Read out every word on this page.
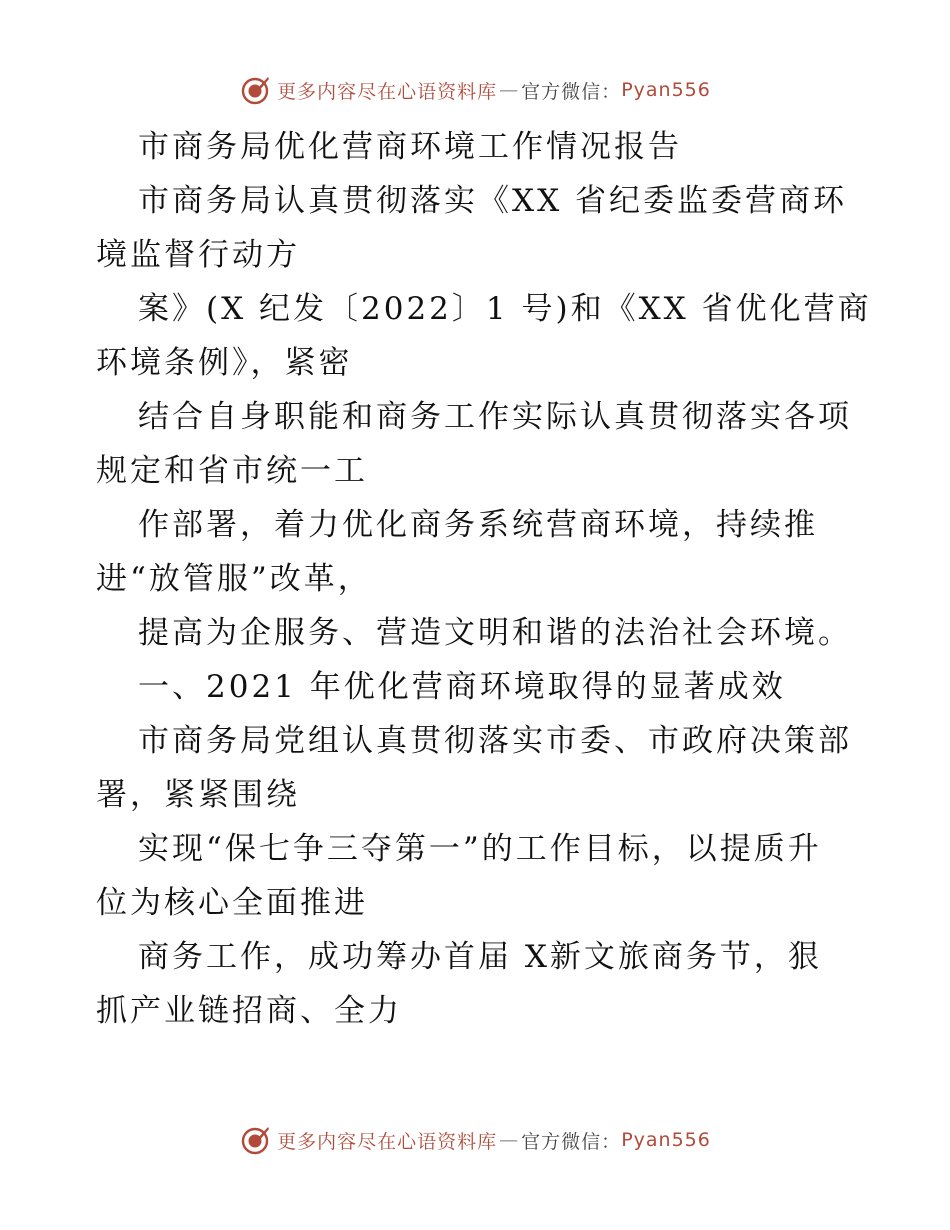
更多内容尽在心语资料库 — 官方微信： Pyan556

市商务局优化营商环境工作情况报告

市商务局认真贯彻落实《XX 省纪委监委营商环

境监督行动方

案》(X 纪发〔2022〕1 号)和《XX 省优化营商

环境条例》，紧密

结合自身职能和商务工作实际认真贯彻落实各项

规定和省市统一工

作部署，着力优化商务系统营商环境，持续推

进“放管服”改革，

提高为企服务、营造文明和谐的法治社会环境。

一、2021 年优化营商环境取得的显著成效

市商务局党组认真贯彻落实市委、市政府决策部

署，紧紧围绕

实现“保七争三夺第一”的工作目标，以提质升

位为核心全面推进

商务工作，成功筹办首届 X新文旅商务节，狠

抓产业链招商、全力

更多内容尽在心语资料库 — 官方微信： Pyan556
